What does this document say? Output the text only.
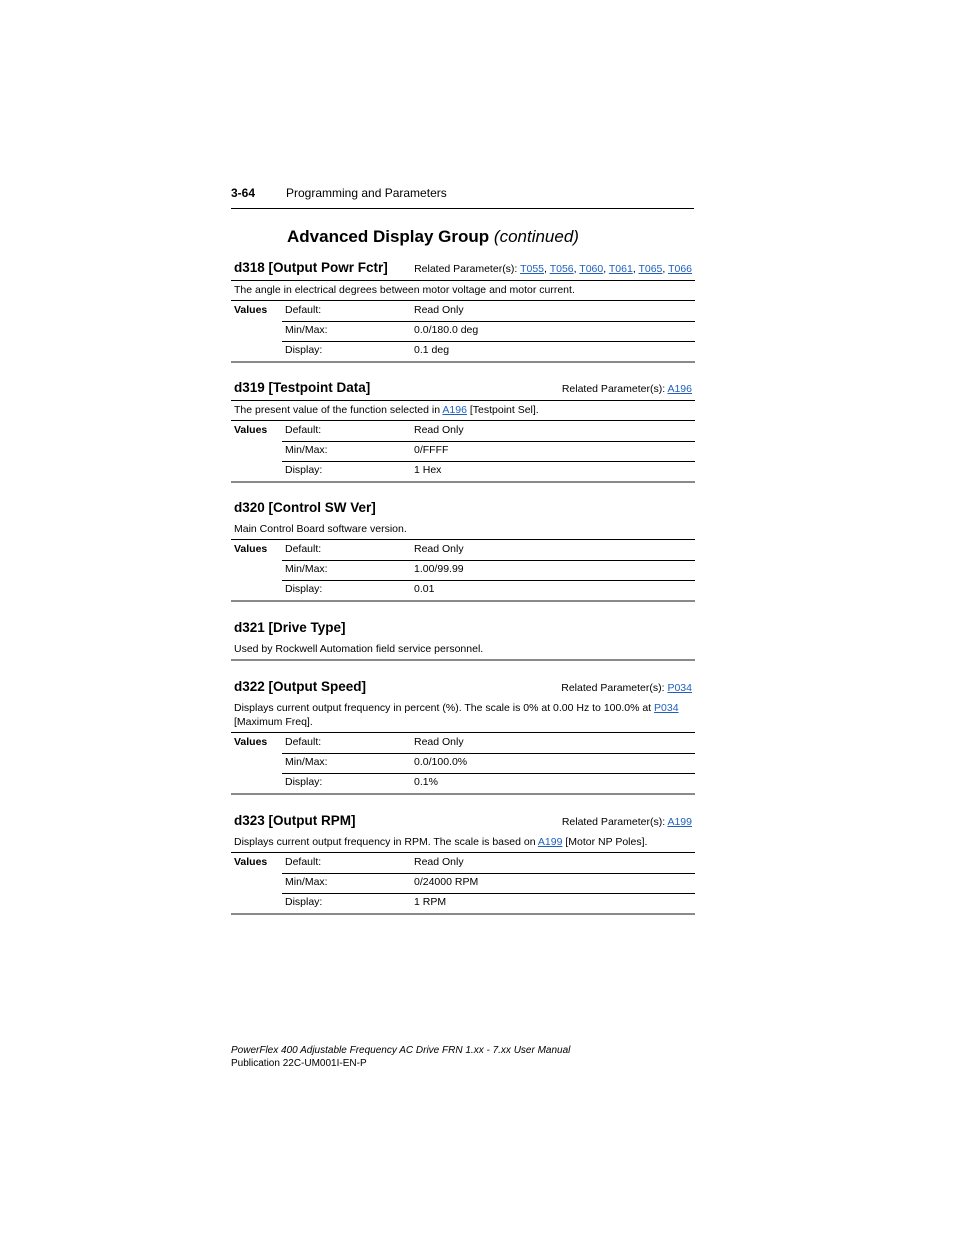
3-64	Programming and Parameters
Advanced Display Group (continued)
d318 [Output Powr Fctr]	Related Parameter(s): T055, T056, T060, T061, T065, T066
The angle in electrical degrees between motor voltage and motor current.
Values Default:	Read Only
Min/Max:	0.0/180.0 deg
Display:	0.1 deg
d319 [Testpoint Data]	Related Parameter(s): A196
The present value of the function selected in A196 [Testpoint Sel].
Values Default:	Read Only
Min/Max:	0/FFFF
Display:	1 Hex
d320 [Control SW Ver]
Main Control Board software version.
Values Default:	Read Only
Min/Max:	1.00/99.99
Display:	0.01
d321 [Drive Type]
Used by Rockwell Automation field service personnel.
d322 [Output Speed]	Related Parameter(s): P034
Displays current output frequency in percent (%). The scale is 0% at 0.00 Hz to 100.0% at P034 [Maximum Freq].
Values Default:	Read Only
Min/Max:	0.0/100.0%
Display:	0.1%
d323 [Output RPM]	Related Parameter(s): A199
Displays current output frequency in RPM. The scale is based on A199 [Motor NP Poles].
Values Default:	Read Only
Min/Max:	0/24000 RPM
Display:	1 RPM
PowerFlex 400 Adjustable Frequency AC Drive FRN 1.xx - 7.xx User Manual
Publication 22C-UM001I-EN-P
